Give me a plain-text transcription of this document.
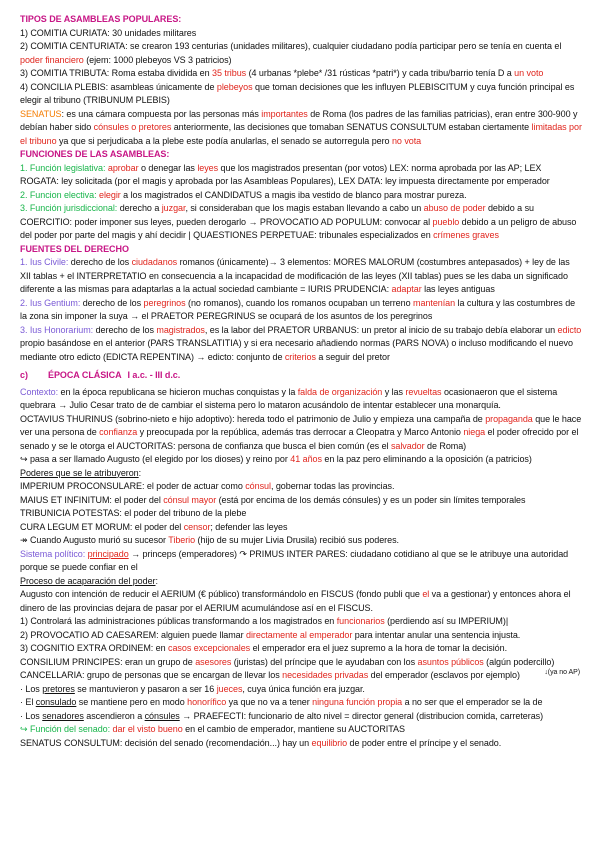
TIPOS DE ASAMBLEAS POPULARES:

1) COMITIA CURIATA: 30 unidades militares

2) COMITIA CENTURIATA: se crearon 193 centurias (unidades militares), cualquier ciudadano podía participar pero se tenía en cuenta el poder financiero (ejem: 1000 plebeyos VS 3 patricios)

3) COMITIA TRIBUTA: Roma estaba dividida en 35 tribus (4 urbanas *plebe* /31 rústicas *patri*) y cada tribu/barrio tenía D a un voto

4) CONCILIA PLEBIS: asambleas únicamente de plebeyos que toman decisiones que les influyen PLEBISCITUM y cuya función principal es elegir al tribuno (TRIBUNUM PLEBIS)

SENATUS: es una cámara compuesta por las personas más importantes de Roma (los padres de las familias patricias), eran entre 300-900 y debían haber sido cónsules o pretores anteriormente, las decisiones que tomaban SENATUS CONSULTUM estaban ciertamente limitadas por el tribuno ya que si perjudicaba a la plebe este podía anularlas, el senado se autorregula pero no vota

FUNCIONES DE LAS ASAMBLEAS:

1. Función legislativa: aprobar o denegar las leyes que los magistrados presentan (por votos) LEX: norma aprobada por las AP; LEX ROGATA: ley solicitada (por el magis y aprobada por las Asambleas Populares), LEX DATA: ley impuesta directamente por emperador

2. Funcion electiva: elegir a los magistrados el CANDIDATUS a magis iba vestido de blanco para mostrar pureza.

3. Función jurisdiccional: derecho a juzgar, si consideraban que los magis estaban llevando a cabo un abuso de poder debido a su COERCITIO: poder imponer sus leyes, pueden derogarlo → PROVOCATIO AD POPULUM: convocar al pueblo debido a un peligro de abuso del poder por parte del magis y ahí decidir | QUAESTIONES PERPETUAE: tribunales especializados en crímenes graves

FUENTES DEL DERECHO

1. Ius Civile: derecho de los ciudadanos romanos (únicamente)→ 3 elementos: MORES MALORUM (costumbres antepasados) + ley de las XII tablas + el INTERPRETATIO en consecuencia a la incapacidad de modificación de las leyes (XII tablas) pues se les daba un significado diferente a las mismas para adaptarlas a la actual sociedad cambiante = IURIS PRUDENCIA: adaptar las leyes antiguas

2. Ius Gentium: derecho de los peregrinos (no romanos), cuando los romanos ocupaban un terreno mantenían la cultura y las costumbres de la zona sin imponer la suya → el PRAETOR PEREGRINUS se ocupará de los asuntos de los peregrinos

3. Ius Honorarium: derecho de los magistrados, es la labor del PRAETOR URBANUS: un pretor al inicio de su trabajo debía elaborar un edicto propio basándose en el anterior (PARS TRANSLATITIA) y si era necesario añadiendo normas (PARS NOVA) o incluso modificando el nuevo mediante otro edicto (EDICTA REPENTINA) → edicto: conjunto de criterios a seguir del pretor

c) ÉPOCA CLÁSICA I a.c. - III d.c.

Contexto: en la época republicana se hicieron muchas conquistas y la falda de organización y las revueltas ocasionaeron que el sistema quebrara → Julio Cesar trato de de cambiar el sistema pero lo mataron acusándolo de intentar establecer una monarquía.

OCTAVIUS THURINUS (sobrino-nieto e hijo adoptivo): hereda todo el patrimonio de Julio y empieza una campaña de propaganda que le hace ver una persona de confianza y preocupada por la república, además tras derrocar a Cleopatra y Marco Antonio niega el poder ofrecido por el senado y se le otorga el AUCTORITAS: persona de confianza que busca el bien común (es el salvador de Roma)

↪ pasa a ser llamado Augusto (el elegido por los dioses) y reino por 41 años en la paz pero eliminando a la oposición (a patricios)

Poderes que se le atribuyeron:

IMPERIUM PROCONSULARE: el poder de actuar como cónsul, gobernar todas las provincias.

MAIUS ET INFINITUM: el poder del cónsul mayor (está por encima de los demás cónsules) y es un poder sin límites temporales

TRIBUNICIA POTESTAS: el poder del tribuno de la plebe

CURA LEGUM ET MORUM: el poder del censor; defender las leyes

↠ Cuando Augusto murió su sucesor Tiberio (hijo de su mujer Livia Drusila) recibió sus poderes.

Sistema político: principado → princeps (emperadores) ↷ PRIMUS INTER PARES: ciudadano cotidiano al que se le atribuye una autoridad porque se puede confiar en el

Proceso de acaparación del poder:

Augusto con intención de reducir el AERIUM (€ público) transformándolo en FISCUS (fondo publi que el va a gestionar) y entonces ahora el dinero de las provincias dejara de pasar por el AERIUM acumulándose así en el FISCUS.

↓(ya no AP)

1) Controlará las administraciones públicas transformando a los magistrados en funcionarios (perdiendo así su IMPERIUM)|

2) PROVOCATIO AD CAESAREM: alguien puede llamar directamente al emperador para intentar anular una sentencia injusta.

3) COGNITIO EXTRA ORDINEM: en casos excepcionales el emperador era el juez supremo a la hora de tomar la decisión.

CONSILIUM PRINCIPES: eran un grupo de asesores (juristas) del príncipe que le ayudaban con los asuntos públicos (algún podercillo)

CANCELLARIA: grupo de personas que se encargan de llevar los necesidades privadas del emperador (esclavos por ejemplo)

· Los pretores se mantuvieron y pasaron a ser 16 jueces, cuya única función era juzgar.

· El consulado se mantiene pero en modo honorífico ya que no va a tener ninguna función propia a no ser que el emperador se la de

· Los senadores ascendieron a cónsules → PRAEFECTI: funcionario de alto nivel = director general (distribucion comida, carreteras)

↪ Función del senado: dar el visto bueno en el cambio de emperador, mantiene su AUCTORITAS

SENATUS CONSULTUM: decisión del senado (recomendación...) hay un equilibrio de poder entre el príncipe y el senado.
